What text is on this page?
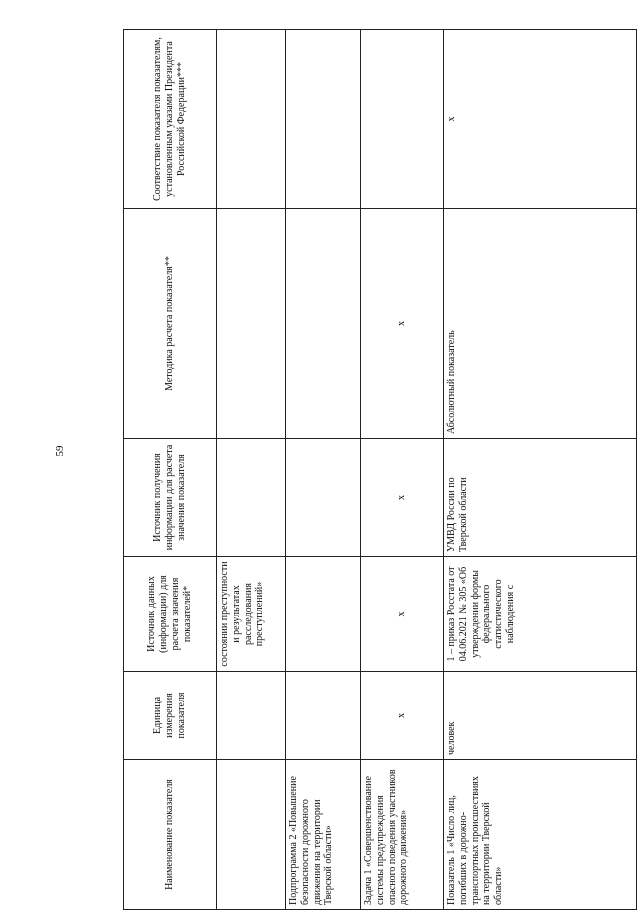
59
Наименование показателя	Единица измерения показателя	Источник данных (информации) для расчета значения показателей*	Источник получения информации для расчета значения показателя	Методика расчета показателя**	Соответствие показателя показателям, установленным указами Президента Российской Федерации***
		состоянии преступности и результатах расследования преступлений»			
Подпрограмма 2 «Повышение безопасности дорожного движения на территории Тверской области»					
Задача 1 «Совершенствование системы предупреждения опасного поведения участников дорожного движения»	x	x	x	x	
Показатель 1 «Число лиц, погибших в дорожно-транспортных происшествиях на территории Тверской области»	человек	1 – приказ Росстата от 04.06.2021 № 305 «Об утверждении формы федерального статистического наблюдения с	УМВД России по Тверской области	Абсолютный показатель	x
